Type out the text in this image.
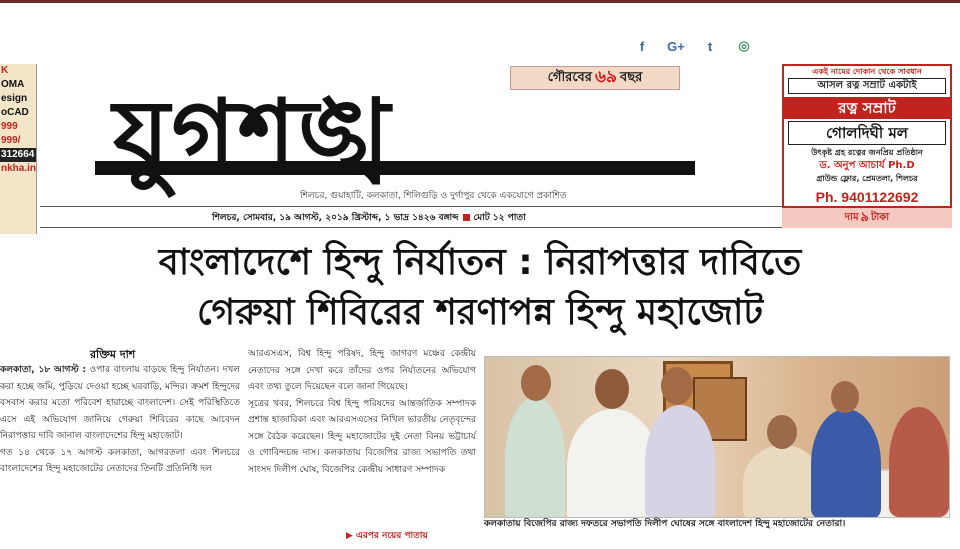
f	G+	t	◎
K
OMA
esign
oCAD
999
999/
312664
nkha.in যুগশঙ্খ
গৌরবের ৬৯ বছর
শিলচর, গুয়াহাটি, কলকাতা, শিলিগুড়ি ও দুর্গাপুর থেকে একযোগে প্রকাশিত
শিলচর, সোমবার, ১৯ আগস্ট, ২০১৯ খ্রিস্টাব্দ, ১ ভাদ্র ১৪২৬ বঙ্গাব্দ মোট ১২ পাতা
একই নামের দোকান থেকে সাবধান
আসল রত্ন সম্রাট একটাই
রত্ন সম্রাট
গোলদিঘী মল
উৎকৃষ্ট গ্রহ রত্নের জনপ্রিয় প্রতিষ্ঠান
ড. অনুপ আচার্য Ph.D
গ্রাউন্ড ফ্লোর, প্রেমতলা, শিলচর
Ph. 9401122692
দাম ৯ টাকা
বাংলাদেশে হিন্দু নির্যাতন : নিরাপত্তার দাবিতে
গেরুয়া শিবিরের শরণাপন্ন হিন্দু মহাজোট
রক্তিম দাশ

কলকাতা, ১৮ আগস্ট : ওপার বাংলায় বাড়ছে হিন্দু নির্যাতন। দখল করা হচ্ছে জমি, পুড়িয়ে দেওয়া হচ্ছে ঘরবাড়ি, মন্দির। ক্রমশ হিন্দুদের বসবাস করার মতো পরিবেশ হারাচ্ছে বাংলাদেশ। সেই পরিস্থিতিতে এসে এই অভিযোগ জানিয়ে গেরুয়া শিবিরের কাছে আবেদন নিরাপত্তার দাবি জানাল বাংলাদেশের হিন্দু মহাজোট।

গত ১৪ থেকে ১৭ আগস্ট কলকাতা, আগরতলা এবং শিলচরে বাংলাদেশের হিন্দু মহাজোটের নেতাদের তিনটি প্রতিনিধি দল

আরএসএস, বিশ্ব হিন্দু পরিষদ, হিন্দু জাগরণ মঞ্চের কেন্দ্রীয় নেতাদের সঙ্গে দেখা করে তাঁদের ওপর নির্যাতনের অভিযোগ এবং তথ্য তুলে দিয়েছেন বলে জানা গিয়েছে।

সূত্রের খবর, শিলচরে বিশ্ব হিন্দু পরিষদের আন্তর্জাতিক সম্পাদক প্রশান্ত হাজারিকা এবং আরএসএসের নিখিল ভারতীয় নেতৃবৃন্দের সঙ্গে বৈঠক করেছেন। হিন্দু মহাজোটের দুই নেতা বিনয় ভট্টাচার্য ও গোবিন্দচন্দ্র দাস। কলকাতায় বিজেপির রাজ্য সভাপতি তথা সাংসদ দিলীপ ঘোষ, বিজেপির কেন্দ্রীয় সাধারণ সম্পাদক

▶ এরপর নয়ের পাতায়
কলকাতায় বিজেপির রাজ্য দফতরে সভাপতি দিলীপ ঘোষের সঙ্গে বাংলাদেশ হিন্দু মহাজোটের নেতারা।
